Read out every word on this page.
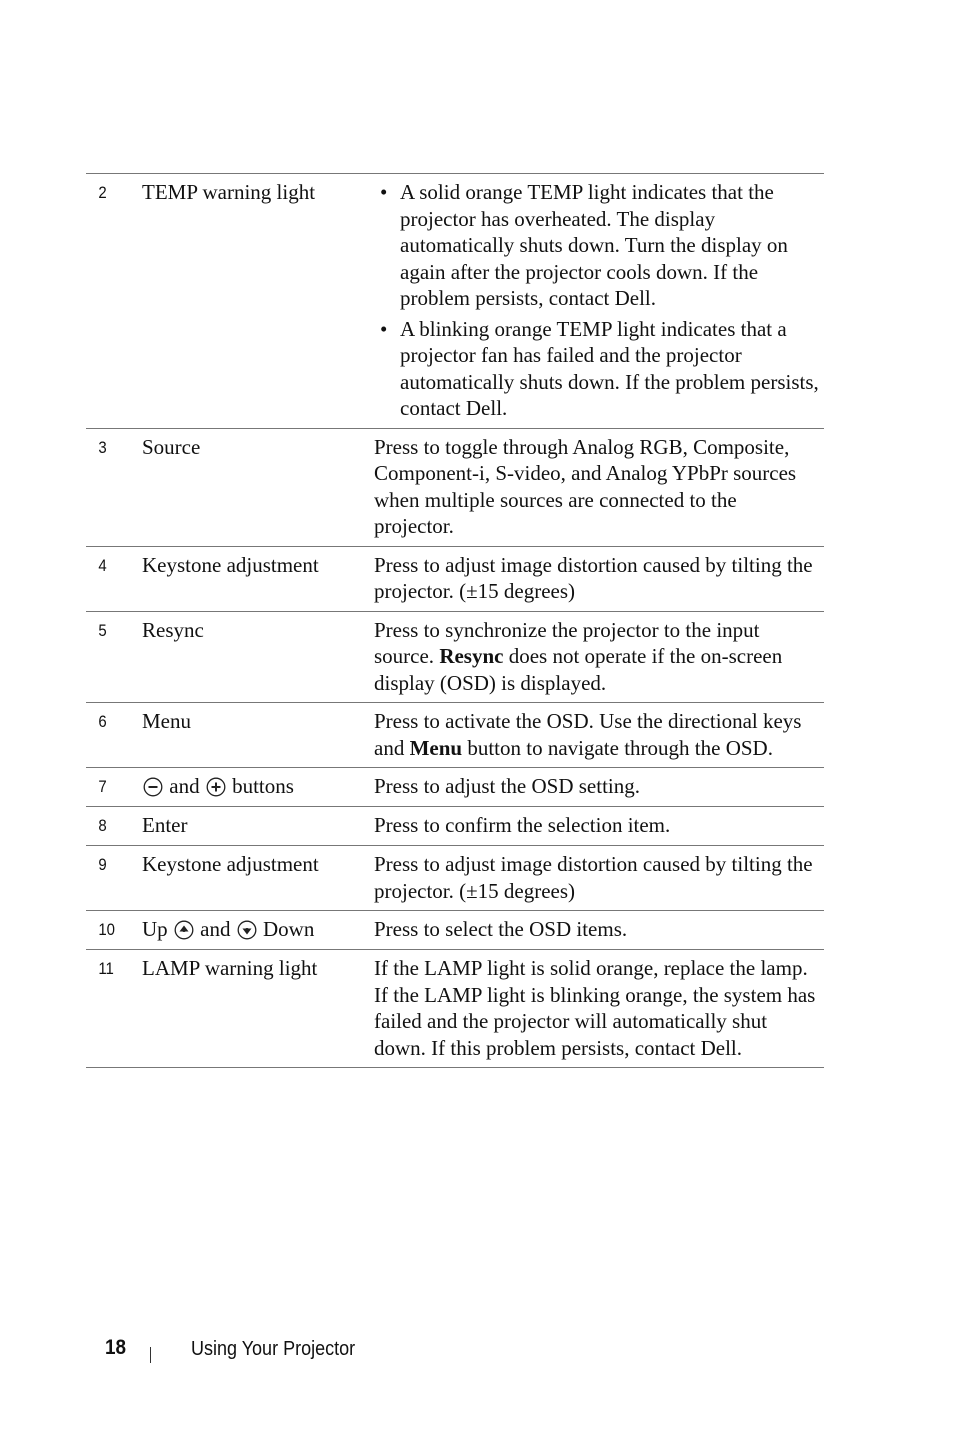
2	TEMP warning light
•	A solid orange TEMP light indicates that the projector has overheated. The display automatically shuts down. Turn the display on again after the projector cools down. If the problem persists, contact Dell.
• A blinking orange TEMP light indicates that a projector fan has failed and the projector automatically shuts down. If the problem persists, contact Dell.
3	Source	Press to toggle through Analog RGB, Composite, Component-i, S-video, and Analog YPbPr sources when multiple sources are connected to the projector.
4	Keystone adjustment	Press to adjust image distortion caused by tilting the projector. (±15 degrees)
5	Resync	Press to synchronize the projector to the input source. Resync does not operate if the on-screen display (OSD) is displayed.
6	Menu	Press to activate the OSD. Use the directional keys and Menu button to navigate through the OSD.
7	and buttons	Press to adjust the OSD setting.
8	Enter	Press to confirm the selection item.
9	Keystone adjustment	Press to adjust image distortion caused by tilting the projector. (±15 degrees)
10	Up and Down	Press to select the OSD items.
11	LAMP warning light	If the LAMP light is solid orange, replace the lamp. If the LAMP light is blinking orange, the system has failed and the projector will automatically shut down. If this problem persists, contact Dell.
18	Using Your Projector
